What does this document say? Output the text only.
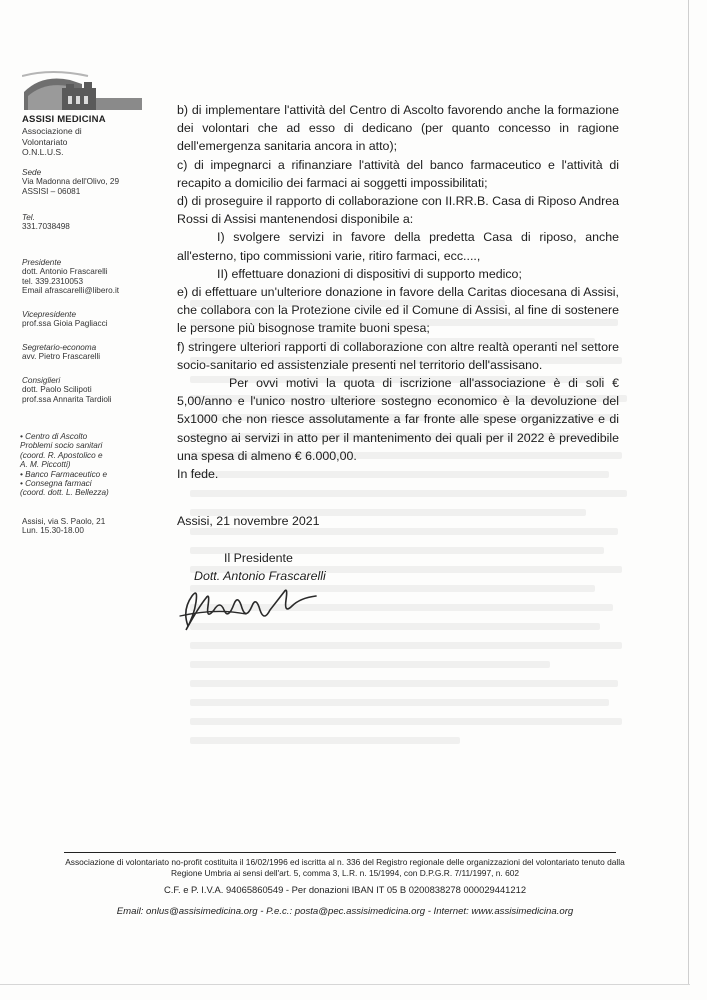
ASSISI MEDICINA
Associazione di
Volontariato
O.N.L.U.S.
Sede
Via Madonna dell'Olivo, 29
ASSISI – 06081
Tel.
331.7038498
Presidente
dott. Antonio Frascarelli
tel. 339.2310053
Email afrascarelli@libero.it
Vicepresidente
prof.ssa Gioia Pagliacci
Segretario-economa
avv. Pietro Frascarelli
Consiglieri
dott. Paolo Scilipoti
prof.ssa Annarita Tardioli
• Centro di Ascolto
Problemi socio sanitari
(coord. R. Apostolico e
A. M. Piccotti)
• Banco Farmaceutico e
• Consegna farmaci
(coord. dott. L. Bellezza)
Assisi, via S. Paolo, 21
Lun. 15.30-18.00

b) di implementare l'attività del Centro di Ascolto favorendo anche la formazione dei volontari che ad esso di dedicano (per quanto concesso in ragione dell'emergenza sanitaria ancora in atto);

c) di impegnarci a rifinanziare l'attività del banco farmaceutico e l'attività di recapito a domicilio dei farmaci ai soggetti impossibilitati;

d) di proseguire il rapporto di collaborazione con II.RR.B. Casa di Riposo Andrea Rossi di Assisi mantenendosi disponibile a:

I) svolgere servizi in favore della predetta Casa di riposo, anche all'esterno, tipo commissioni varie, ritiro farmaci, ecc....,

II) effettuare donazioni di dispositivi di supporto medico;

e) di effettuare un'ulteriore donazione in favore della Caritas diocesana di Assisi, che collabora con la Protezione civile ed il Comune di Assisi, al fine di sostenere le persone più bisognose tramite buoni spesa;

f) stringere ulteriori rapporti di collaborazione con altre realtà operanti nel settore socio-sanitario ed assistenziale presenti nel territorio dell'assisano.

Per ovvi motivi la quota di iscrizione all'associazione è di soli € 5,00/anno e l'unico nostro ulteriore sostegno economico è la devoluzione del 5x1000 che non riesce assolutamente a far fronte alle spese organizzative e di sostegno ai servizi in atto per il mantenimento dei quali per il 2022 è prevedibile una spesa di almeno € 6.000,00.

In fede.

Assisi, 21 novembre 2021
Il Presidente
Dott. Antonio Frascarelli
Associazione di volontariato no-profit costituita il 16/02/1996 ed iscritta al n. 336 del Registro regionale delle organizzazioni del volontariato tenuto dalla Regione Umbria ai sensi dell'art. 5, comma 3, L.R. n. 15/1994, con D.P.G.R. 7/11/1997, n. 602
C.F. e P. I.V.A. 94065860549 - Per donazioni IBAN IT 05 B 0200838278 000029441212
Email: onlus@assisimedicina.org - P.e.c.: posta@pec.assisimedicina.org - Internet: www.assisimedicina.org
